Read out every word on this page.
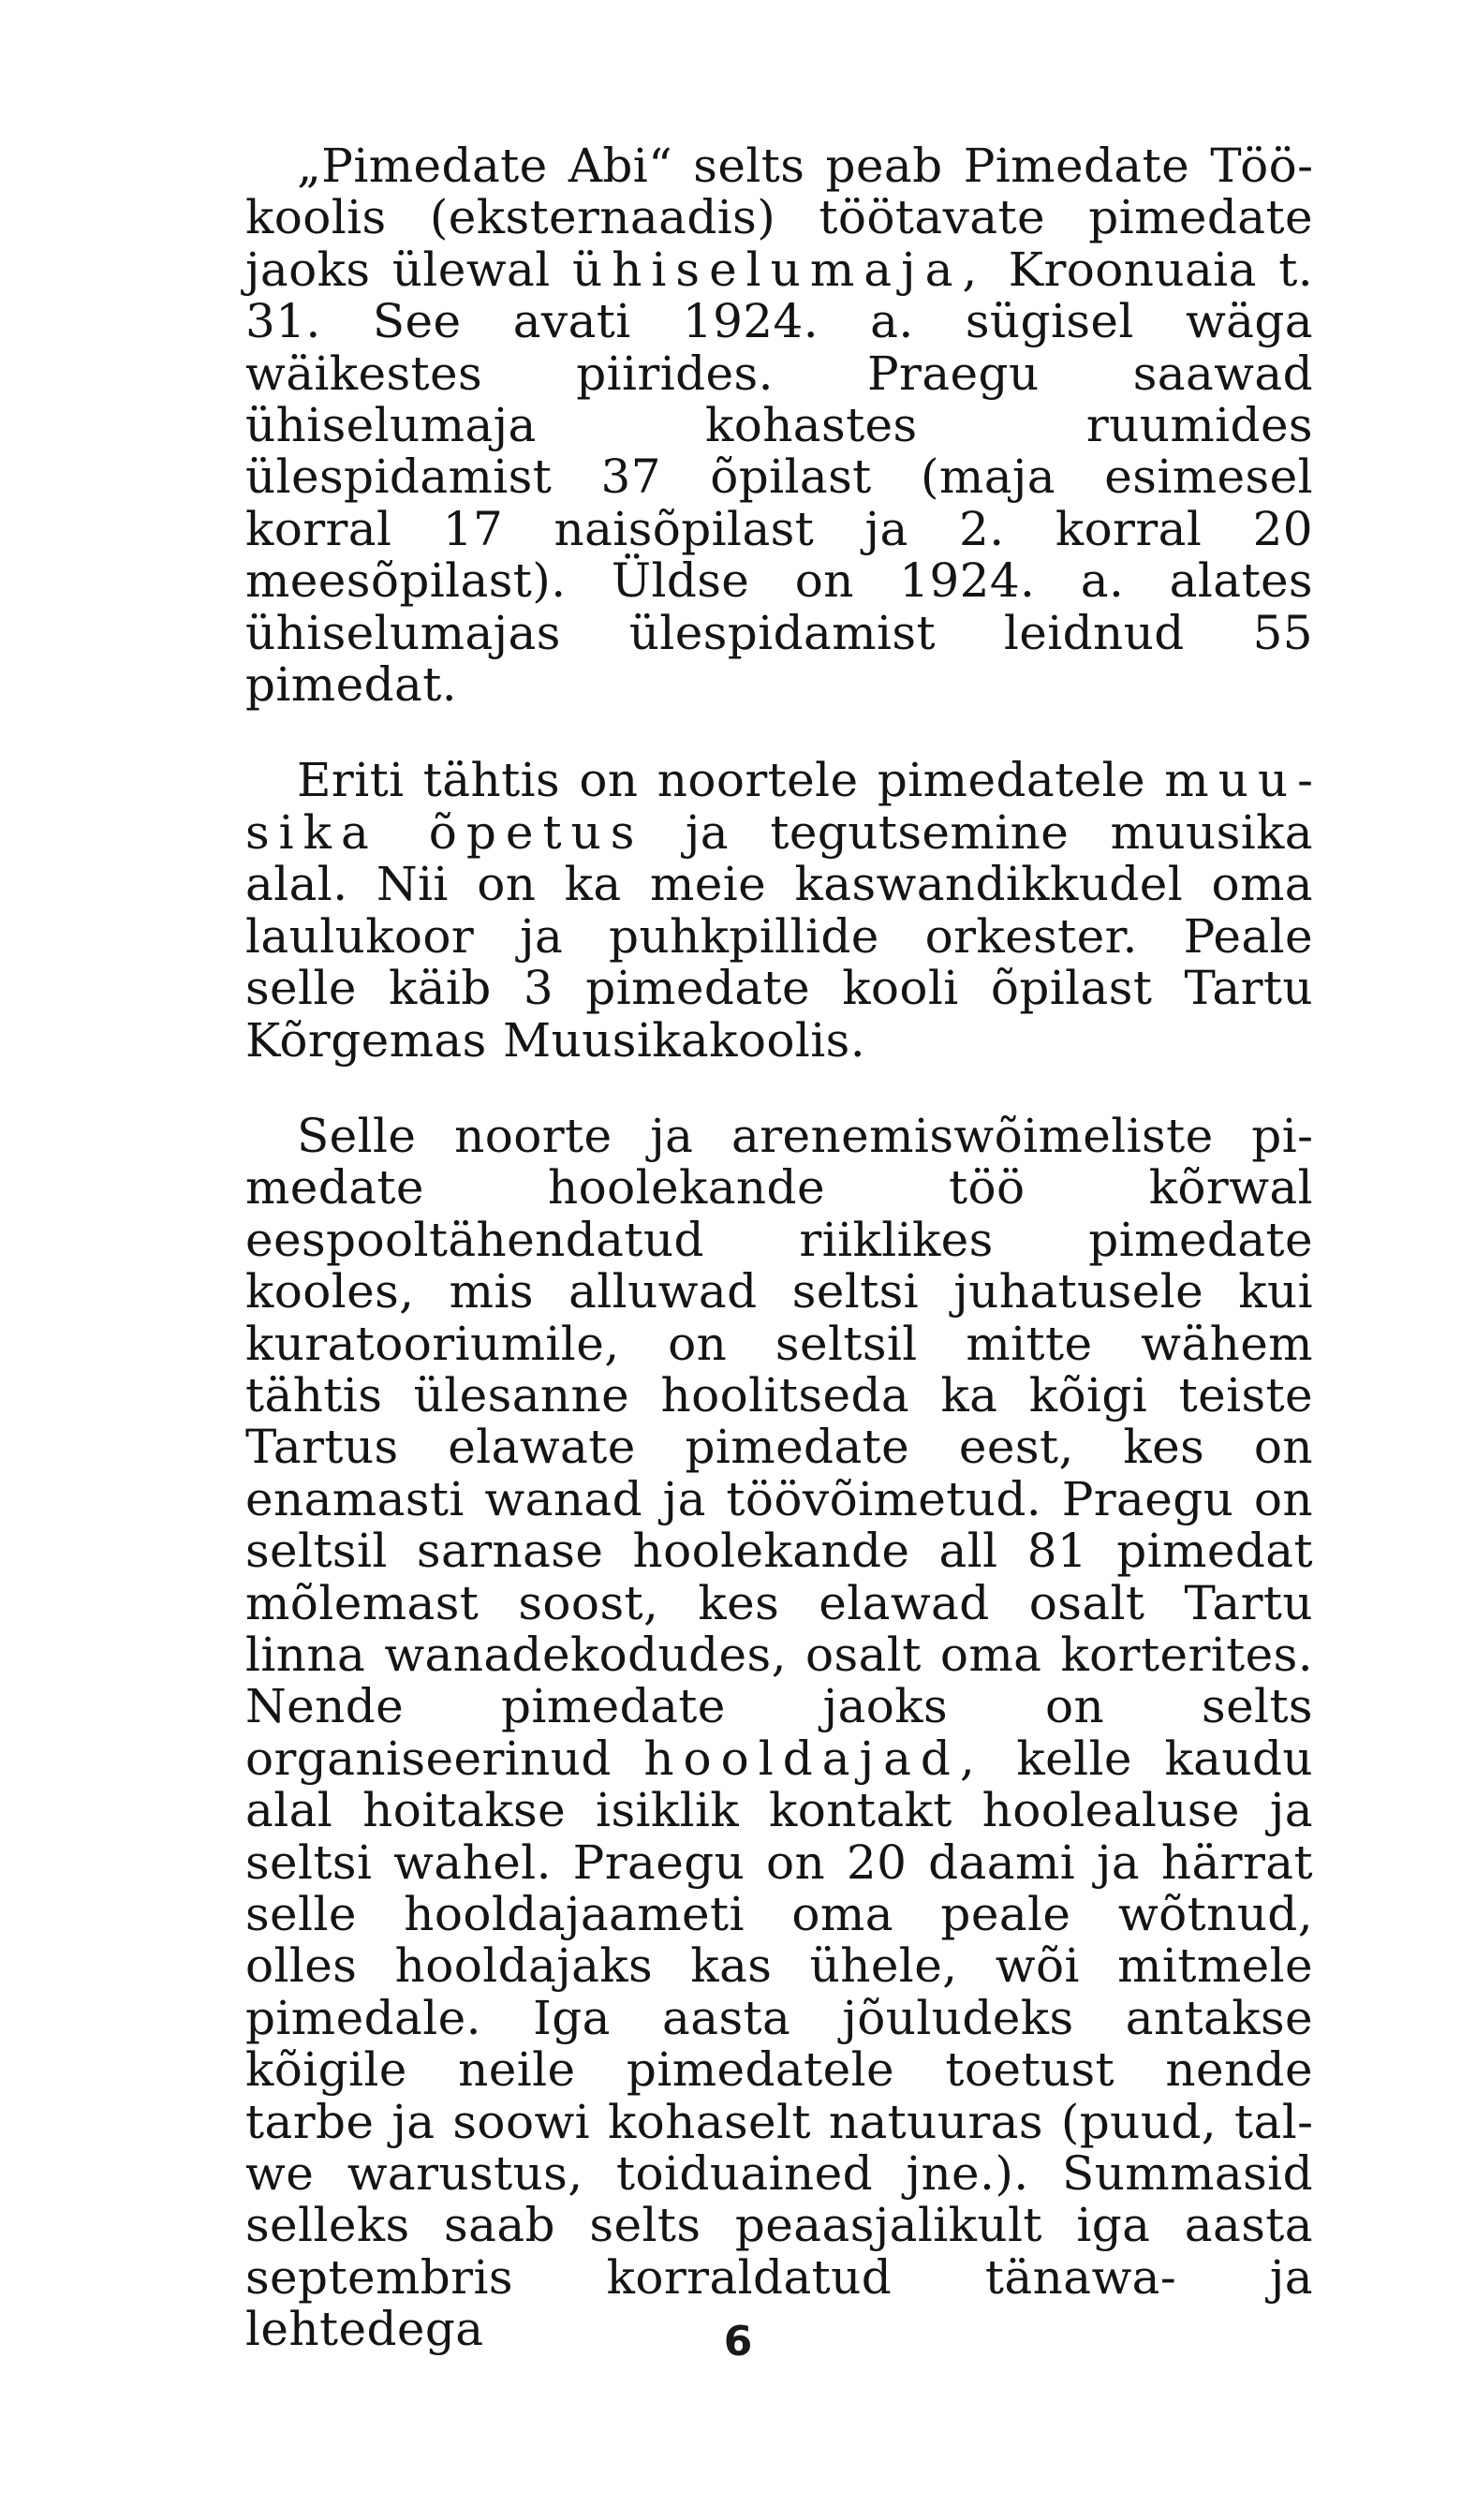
„Pimedate Abi“ selts peab Pimedate Töökoolis (eksternaadis) töötavate pimedate jaoks ülewal ühiselumaja, Kroonuaia t. 31. See avati 1924. a. sügisel wäga wäikestes piirides. Praegu saawad ühiselumaja kohastes ruumides ülespidamist 37 õpilast (maja esimesel korral 17 naisõpilast ja 2. korral 20 meesõpilast). Üldse on 1924. a. alates ühiselumajas ülespidamist leidnud 55 pimedat.

Eriti tähtis on noortele pimedatele muusika õpetus ja tegutsemine muusika alal. Nii on ka meie kaswandikkudel oma laulukoor ja puhkpillide orkester. Peale selle käib 3 pimedate kooli õpilast Tartu Kõrgemas Muusikakoolis.

Selle noorte ja arenemiswõimeliste pimedate hoolekande töö kõrwal eespooltähendatud riiklikes pimedate kooles, mis alluwad seltsi juhatusele kui kuratooriumile, on seltsil mitte wähem tähtis ülesanne hoolitseda ka kõigi teiste Tartus elawate pimedate eest, kes on enamasti wanad ja töövõimetud. Praegu on seltsil sarnase hoolekande all 81 pimedat mõlemast soost, kes elawad osalt Tartu linna wanadekodudes, osalt oma korterites. Nende pimedate jaoks on selts organiseerinud hooldajad, kelle kaudu alal hoitakse isiklik kontakt hoolealuse ja seltsi wahel. Praegu on 20 daami ja härrat selle hooldajaameti oma peale wõtnud, olles hooldajaks kas ühele, wõi mitmele pimedale. Iga aasta jõuludeks antakse kõigile neile pimedatele toetust nende tarbe ja soowi kohaselt natuuras (puud, talwe warustus, toiduained jne.). Summasid selleks saab selts peaasjalikult iga aasta septembris korraldatud tänawa- ja lehtedega	6
